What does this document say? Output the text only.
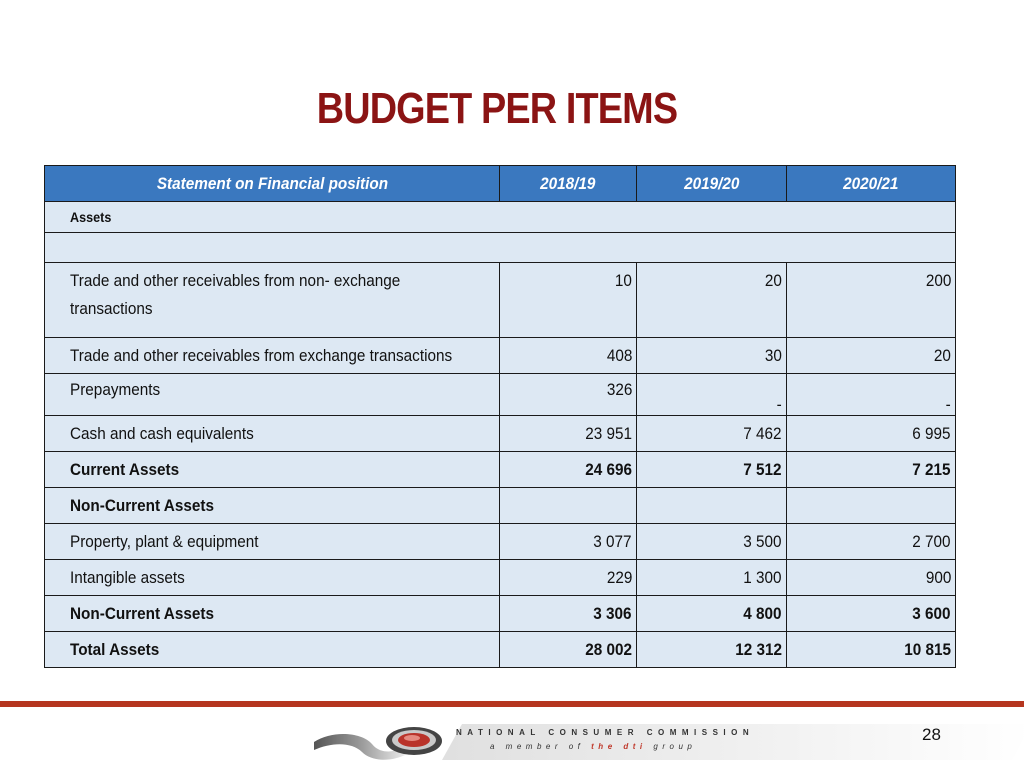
BUDGET PER ITEMS
Statement on Financial position	2018/19	2019/20	2020/21
Assets			

Trade and other receivables from non- exchange transactions	10	20	200
Trade and other receivables from exchange transactions	408	30	20
Prepayments	326	-	-
Cash and cash equivalents	23 951	7 462	6 995
Current Assets	24 696	7 512	7 215
Non-Current Assets			
Property, plant & equipment	3 077	3 500	2 700
Intangible assets	229	1 300	900
Non-Current Assets	3 306	4 800	3 600
Total Assets	28 002	12 312	10 815
NATIONAL CONSUMER COMMISSION
a member of the dti group
28
